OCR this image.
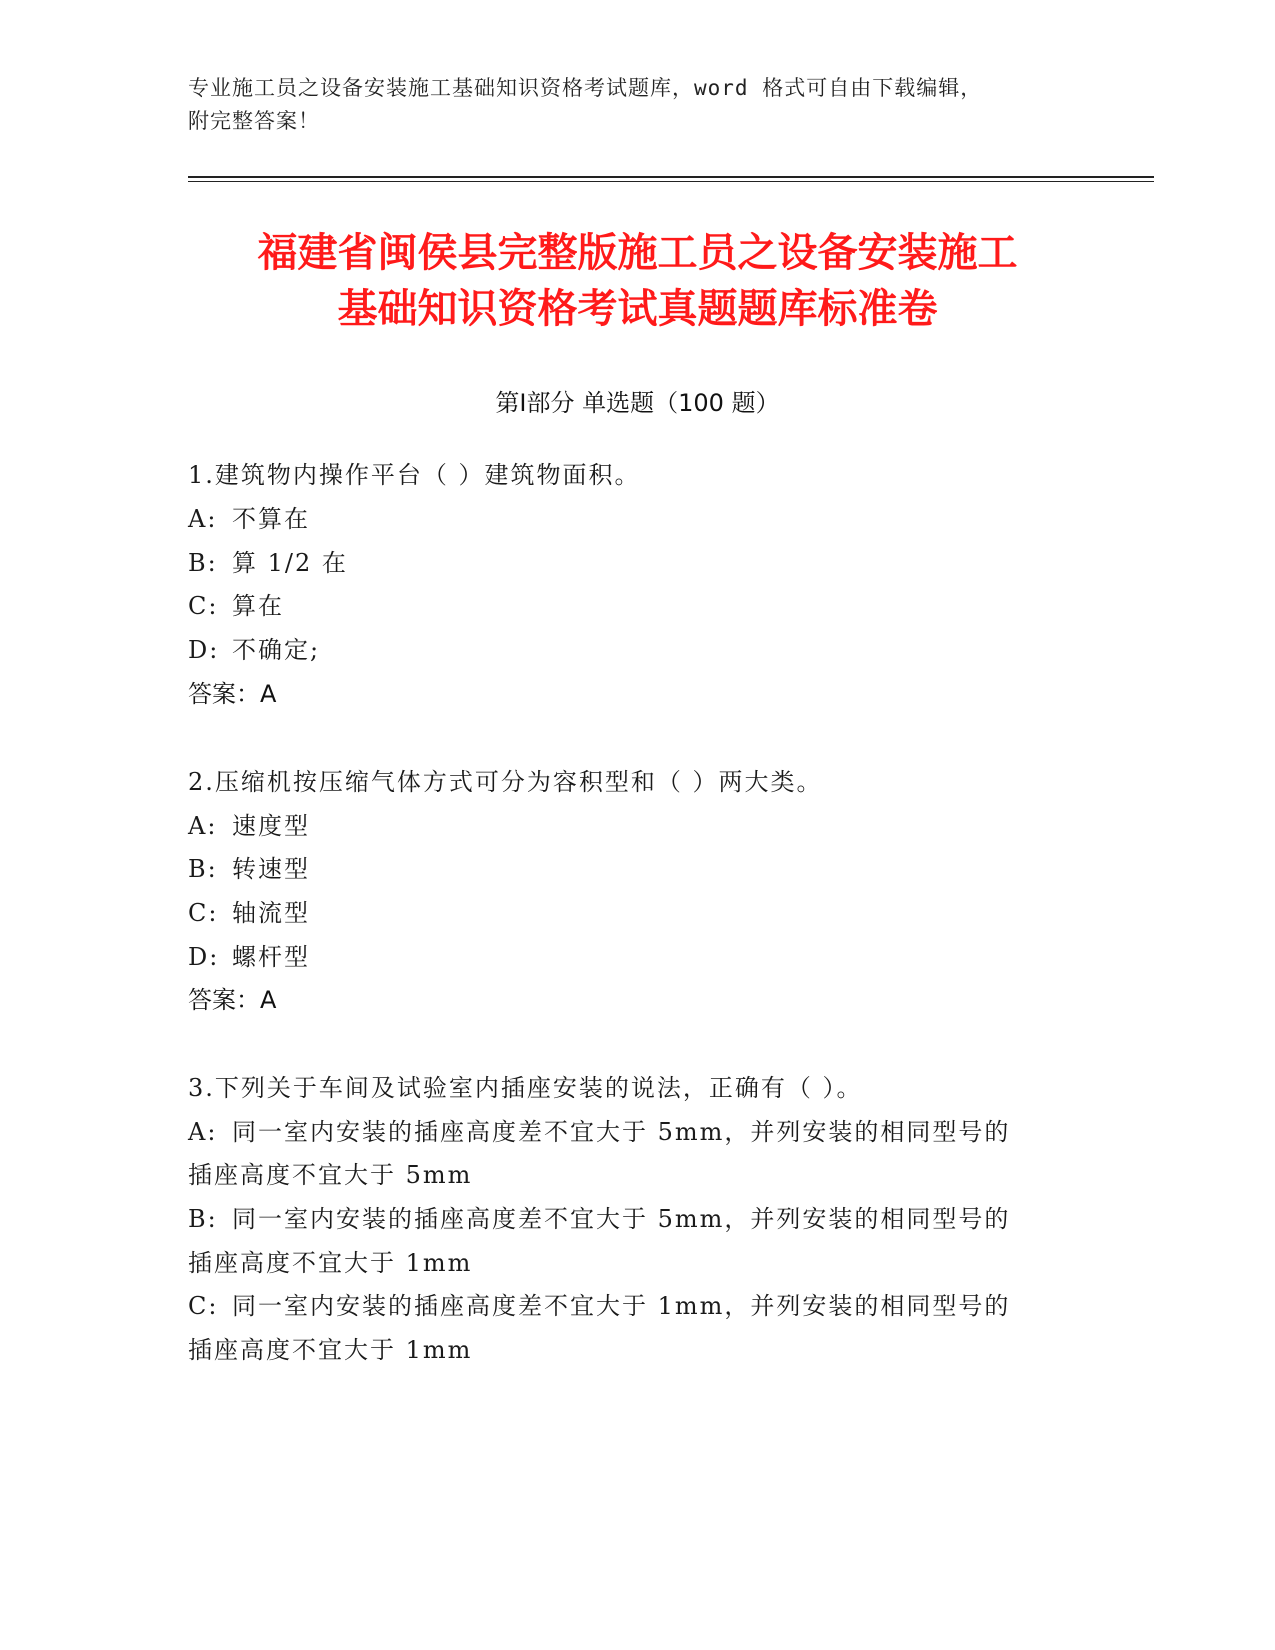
专业施工员之设备安装施工基础知识资格考试题库，word 格式可自由下载编辑，
附完整答案！
福建省闽侯县完整版施工员之设备安装施工
基础知识资格考试真题题库标准卷
第Ⅰ部分 单选题（100 题）
1.建筑物内操作平台（ ）建筑物面积。
A: 不算在
B: 算 1/2 在
C: 算在
D: 不确定;
答案：A
2.压缩机按压缩气体方式可分为容积型和（ ）两大类。
A: 速度型
B: 转速型
C: 轴流型
D: 螺杆型
答案：A
3.下列关于车间及试验室内插座安装的说法，正确有（ ）。
A: 同一室内安装的插座高度差不宜大于 5mm，并列安装的相同型号的
插座高度不宜大于 5mm
B: 同一室内安装的插座高度差不宜大于 5mm，并列安装的相同型号的
插座高度不宜大于 1mm
C: 同一室内安装的插座高度差不宜大于 1mm，并列安装的相同型号的
插座高度不宜大于 1mm
